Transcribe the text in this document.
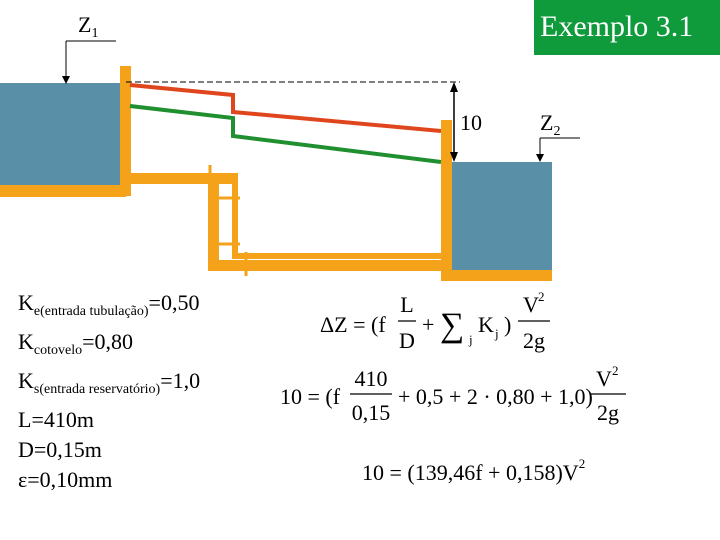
Exemplo 3.1
$Z_1$
$Z_2$
10
$K_{e(entrada tubulação)}=0,50$
$K_{cotovelo}=0,80$
$K_{s(entrada reservatório)}=1,0$
L=410m
D=0,15m
ε=0,10mm
ΔZ = (f
L
D
+ ∑ j
K j )
V 2
2g
10 = (f
410
0,15
+ 0,5 + 2 · 0,80 + 1,0)
V 2
2g
$10 = (139,46f + 0,158)V^2$
